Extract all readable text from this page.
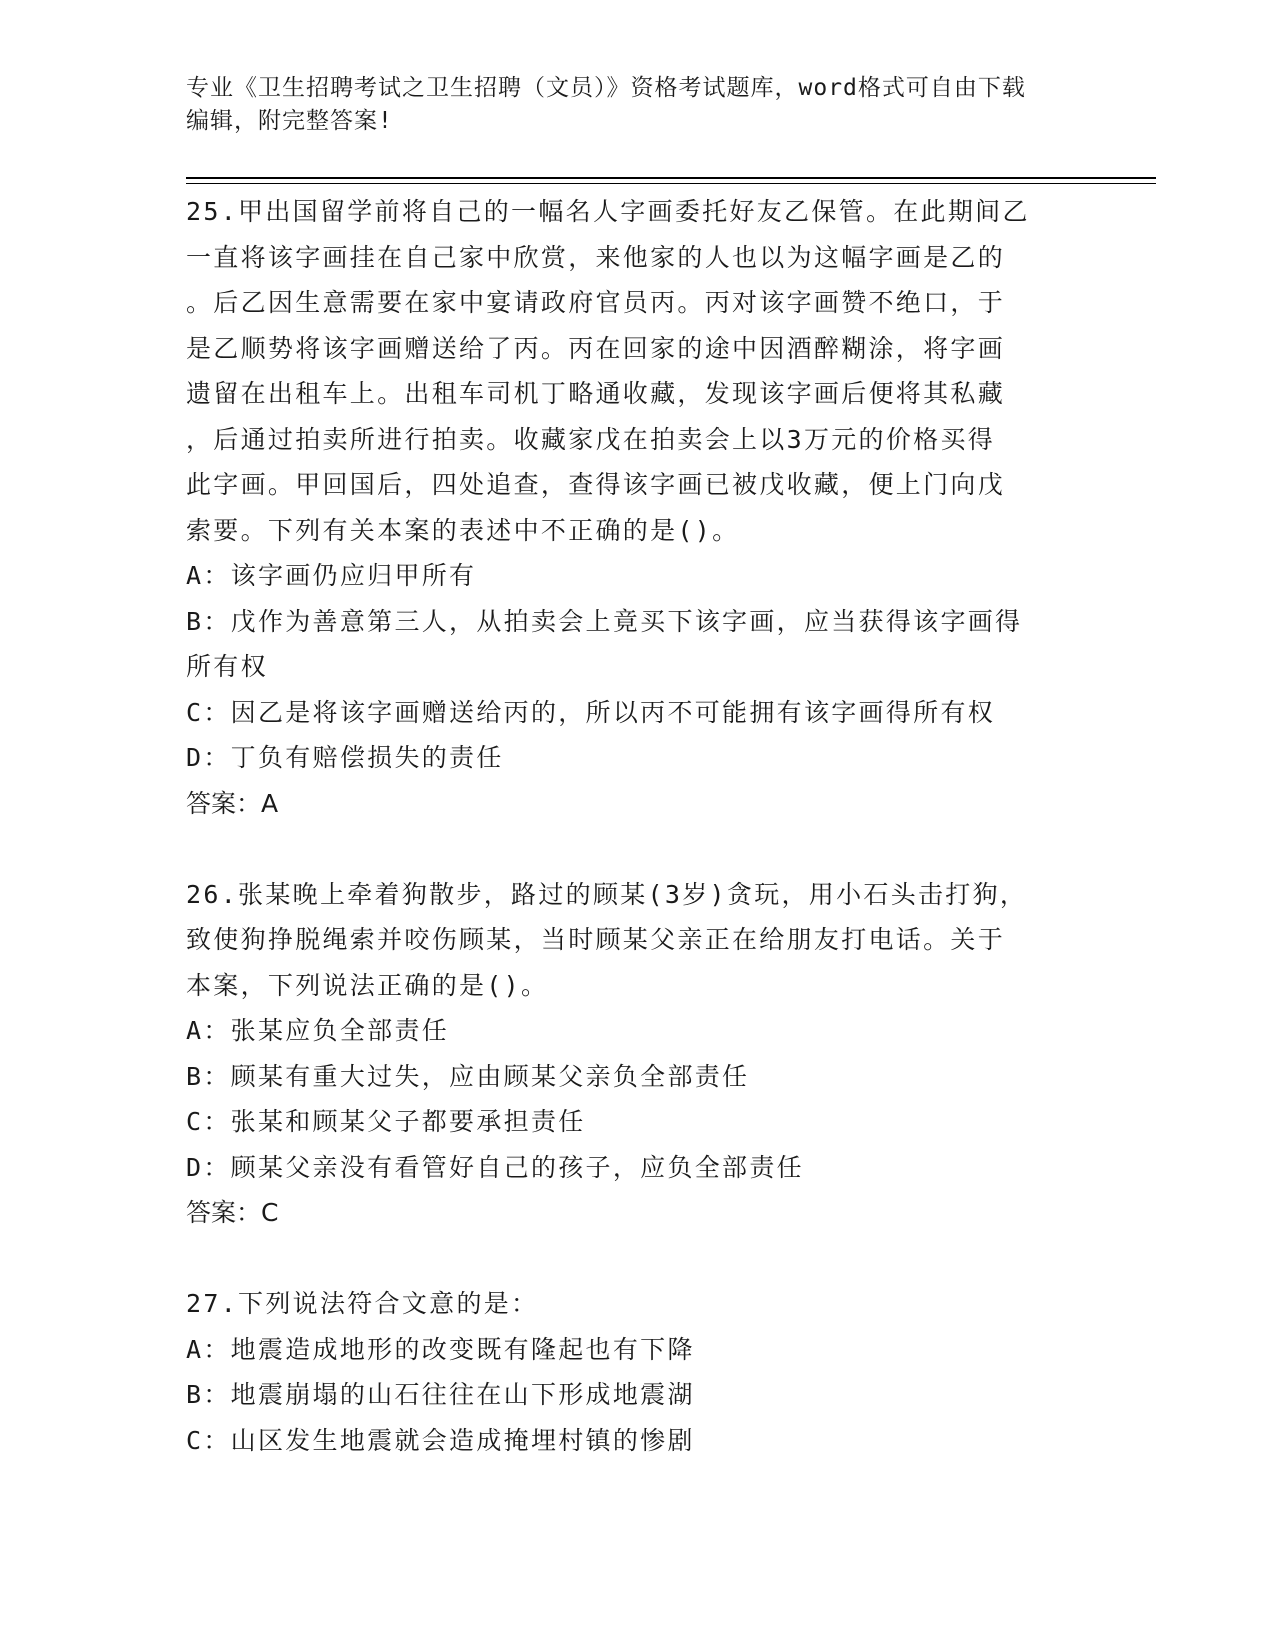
专业《卫生招聘考试之卫生招聘（文员）》资格考试题库，word格式可自由下载
编辑，附完整答案!
25.甲出国留学前将自己的一幅名人字画委托好友乙保管。在此期间乙
一直将该字画挂在自己家中欣赏，来他家的人也以为这幅字画是乙的
。后乙因生意需要在家中宴请政府官员丙。丙对该字画赞不绝口，于
是乙顺势将该字画赠送给了丙。丙在回家的途中因酒醉糊涂，将字画
遗留在出租车上。出租车司机丁略通收藏，发现该字画后便将其私藏
，后通过拍卖所进行拍卖。收藏家戊在拍卖会上以3万元的价格买得
此字画。甲回国后，四处追查，查得该字画已被戊收藏，便上门向戊
索要。下列有关本案的表述中不正确的是()。
A：该字画仍应归甲所有
B：戊作为善意第三人，从拍卖会上竟买下该字画，应当获得该字画得
所有权
C：因乙是将该字画赠送给丙的，所以丙不可能拥有该字画得所有权
D：丁负有赔偿损失的责任
答案：A
26.张某晚上牵着狗散步，路过的顾某(3岁)贪玩，用小石头击打狗，
致使狗挣脱绳索并咬伤顾某，当时顾某父亲正在给朋友打电话。关于
本案，下列说法正确的是()。
A：张某应负全部责任
B：顾某有重大过失，应由顾某父亲负全部责任
C：张某和顾某父子都要承担责任
D：顾某父亲没有看管好自己的孩子，应负全部责任
答案：C
27.下列说法符合文意的是：
A：地震造成地形的改变既有隆起也有下降
B：地震崩塌的山石往往在山下形成地震湖
C：山区发生地震就会造成掩埋村镇的惨剧
